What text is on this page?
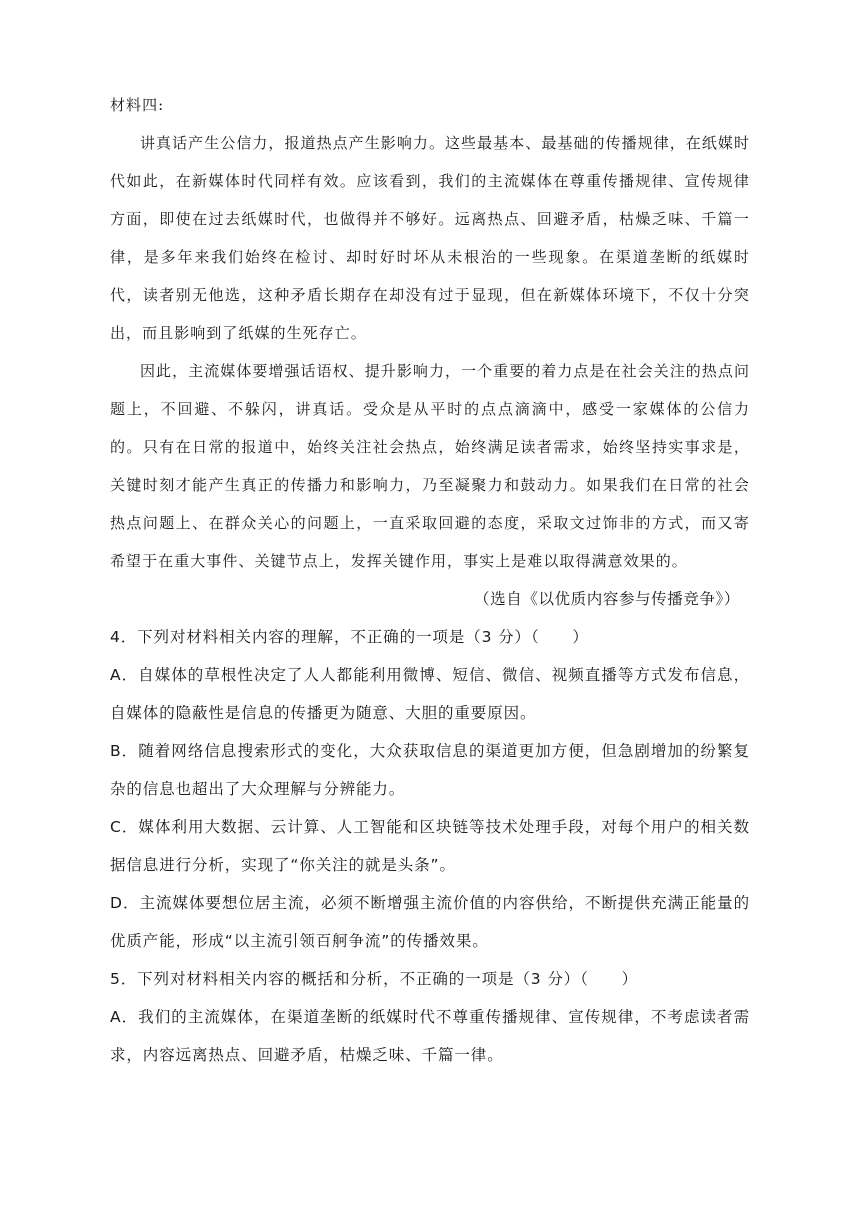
材料四:

讲真话产生公信力，报道热点产生影响力。这些最基本、最基础的传播规律，在纸媒时代如此，在新媒体时代同样有效。应该看到，我们的主流媒体在尊重传播规律、宣传规律方面，即使在过去纸媒时代，也做得并不够好。远离热点、回避矛盾，枯燥乏味、千篇一律，是多年来我们始终在检讨、却时好时坏从未根治的一些现象。在渠道垄断的纸媒时代，读者别无他选，这种矛盾长期存在却没有过于显现，但在新媒体环境下，不仅十分突出，而且影响到了纸媒的生死存亡。

因此，主流媒体要增强话语权、提升影响力，一个重要的着力点是在社会关注的热点问题上，不回避、不躲闪，讲真话。受众是从平时的点点滴滴中，感受一家媒体的公信力的。只有在日常的报道中，始终关注社会热点，始终满足读者需求，始终坚持实事求是，关键时刻才能产生真正的传播力和影响力，乃至凝聚力和鼓动力。如果我们在日常的社会热点问题上、在群众关心的问题上，一直采取回避的态度，采取文过饰非的方式，而又寄希望于在重大事件、关键节点上，发挥关键作用，事实上是难以取得满意效果的。

（选自《以优质内容参与传播竞争》）

4．下列对材料相关内容的理解，不正确的一项是（3 分）（　　）

A．自媒体的草根性决定了人人都能利用微博、短信、微信、视频直播等方式发布信息，自媒体的隐蔽性是信息的传播更为随意、大胆的重要原因。

B．随着网络信息搜索形式的变化，大众获取信息的渠道更加方便，但急剧增加的纷繁复杂的信息也超出了大众理解与分辨能力。

C．媒体利用大数据、云计算、人工智能和区块链等技术处理手段，对每个用户的相关数据信息进行分析，实现了“你关注的就是头条”。

D．主流媒体要想位居主流，必须不断增强主流价值的内容供给，不断提供充满正能量的优质产能，形成“以主流引领百舸争流”的传播效果。

5．下列对材料相关内容的概括和分析，不正确的一项是（3 分）（　　）

A．我们的主流媒体，在渠道垄断的纸媒时代不尊重传播规律、宣传规律，不考虑读者需求，内容远离热点、回避矛盾，枯燥乏味、千篇一律。
